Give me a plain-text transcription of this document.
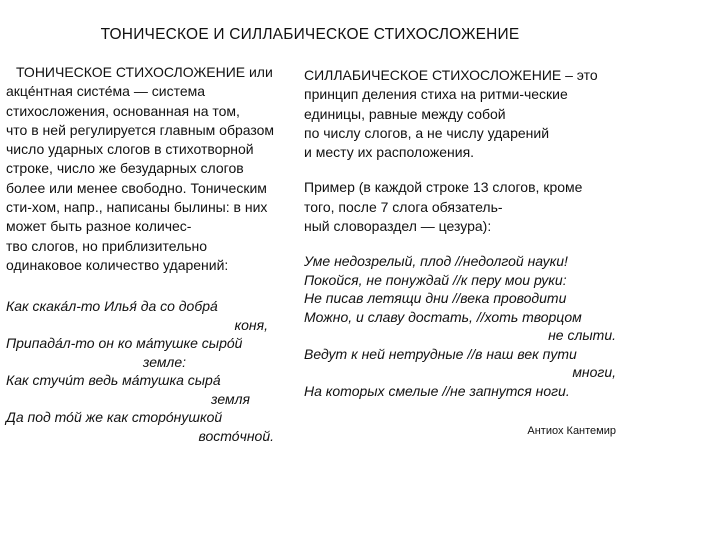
ТОНИЧЕСКОЕ И СИЛЛАБИЧЕСКОЕ СТИХОСЛОЖЕНИЕ
ТОНИЧЕСКОЕ СТИХОСЛОЖЕНИЕ или
акце́нтная систе́ма — система
стихосложения, основанная на том,
что в ней регулируется главным образом
число ударных слогов в стихотворной
строке, число же безударных слогов
более или менее свободно. Тоническим
сти-хом, напр., написаны былины: в них
может быть разное количес-
тво слогов, но приблизительно
одинаковое количество ударений:
Как скака́л-то Илья́ да со добра́
коня,
Припада́л-то он ко ма́тушке сыро́й
земле:
Как стучи́т ведь ма́тушка сыра́
земля
Да под то́й же как сторо́нушкой
восто́чной.
СИЛЛАБИЧЕСКОЕ СТИХОСЛОЖЕНИЕ – это
принцип деления стиха на ритми-ческие
единицы, равные между собой
по числу слогов, а не числу ударений
и месту их расположения.
Пример (в каждой строке 13 слогов, кроме
того, после 7 слога обязатель-
ный словораздел — цезура):
Уме недозрелый, плод //недолгой науки!
Покойся, не понуждай //к перу мои руки:
Не писав летящи дни //века проводити
Можно, и славу достать, //хоть творцом
не слыти.
Ведут к ней нетрудные //в наш век пути
многи,
На которых смелые //не запнутся ноги.
Антиох Кантемир
